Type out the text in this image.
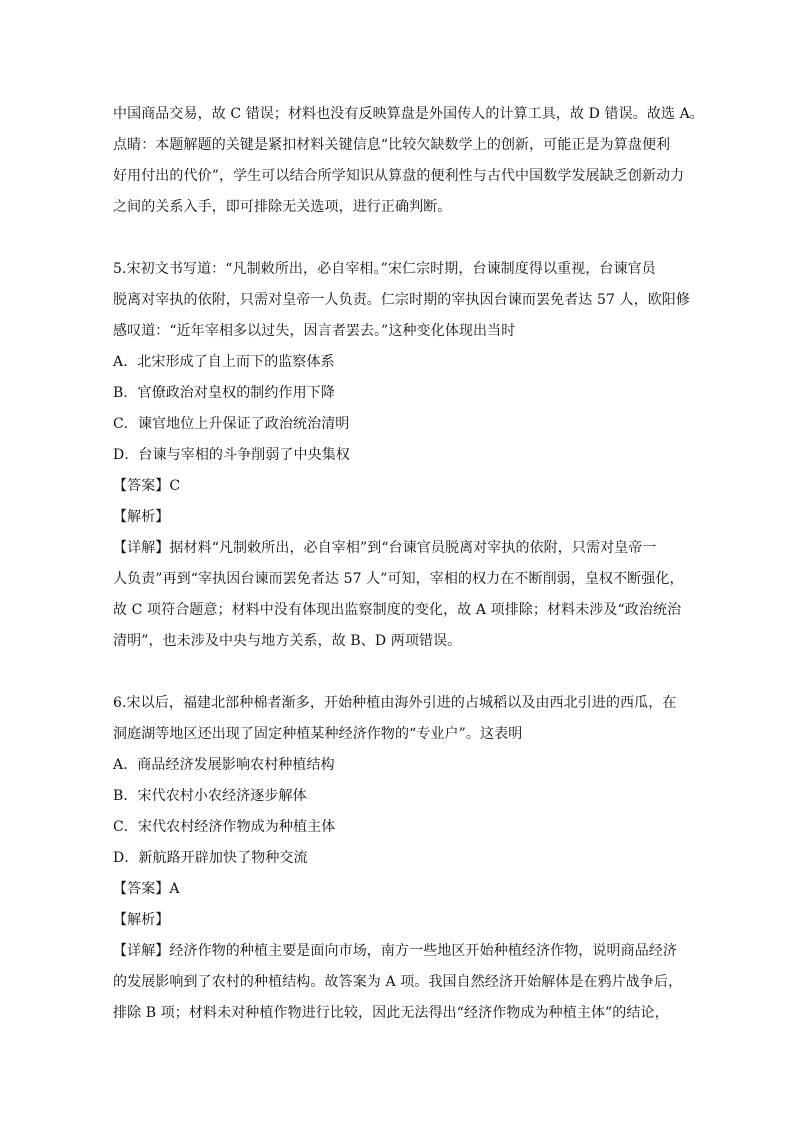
中国商品交易，故 C 错误；材料也没有反映算盘是外国传人的计算工具，故 D 错误。故选 A。
点睛：本题解题的关键是紧扣材料关键信息“比较欠缺数学上的创新，可能正是为算盘便利
好用付出的代价”，学生可以结合所学知识从算盘的便利性与古代中国数学发展缺乏创新动力
之间的关系入手，即可排除无关选项，进行正确判断。
5.宋初文书写道：“凡制敕所出，必自宰相。”宋仁宗时期，台谏制度得以重视，台谏官员
脱离对宰执的依附，只需对皇帝一人负责。仁宗时期的宰执因台谏而罢免者达 57 人，欧阳修
感叹道：“近年宰相多以过失，因言者罢去。”这种变化体现出当时
A．北宋形成了自上而下的监察体系
B．官僚政治对皇权的制约作用下降
C．谏官地位上升保证了政治统治清明
D．台谏与宰相的斗争削弱了中央集权
【答案】C
【解析】
【详解】据材料“凡制敕所出，必自宰相”到“台谏官员脱离对宰执的依附，只需对皇帝一
人负责”再到“宰执因台谏而罢免者达 57 人”可知，宰相的权力在不断削弱，皇权不断强化，
故 C 项符合题意；材料中没有体现出监察制度的变化，故 A 项排除；材料未涉及“政治统治
清明”，也未涉及中央与地方关系，故 B、D 两项错误。
6.宋以后，福建北部种棉者渐多，开始种植由海外引进的占城稻以及由西北引进的西瓜，在
洞庭湖等地区还出现了固定种植某种经济作物的“专业户”。这表明
A．商品经济发展影响农村种植结构
B．宋代农村小农经济逐步解体
C．宋代农村经济作物成为种植主体
D．新航路开辟加快了物种交流
【答案】A
【解析】
【详解】经济作物的种植主要是面向市场，南方一些地区开始种植经济作物，说明商品经济
的发展影响到了农村的种植结构。故答案为 A 项。我国自然经济开始解体是在鸦片战争后，
排除 B 项；材料未对种植作物进行比较，因此无法得出“经济作物成为种植主体”的结论，
